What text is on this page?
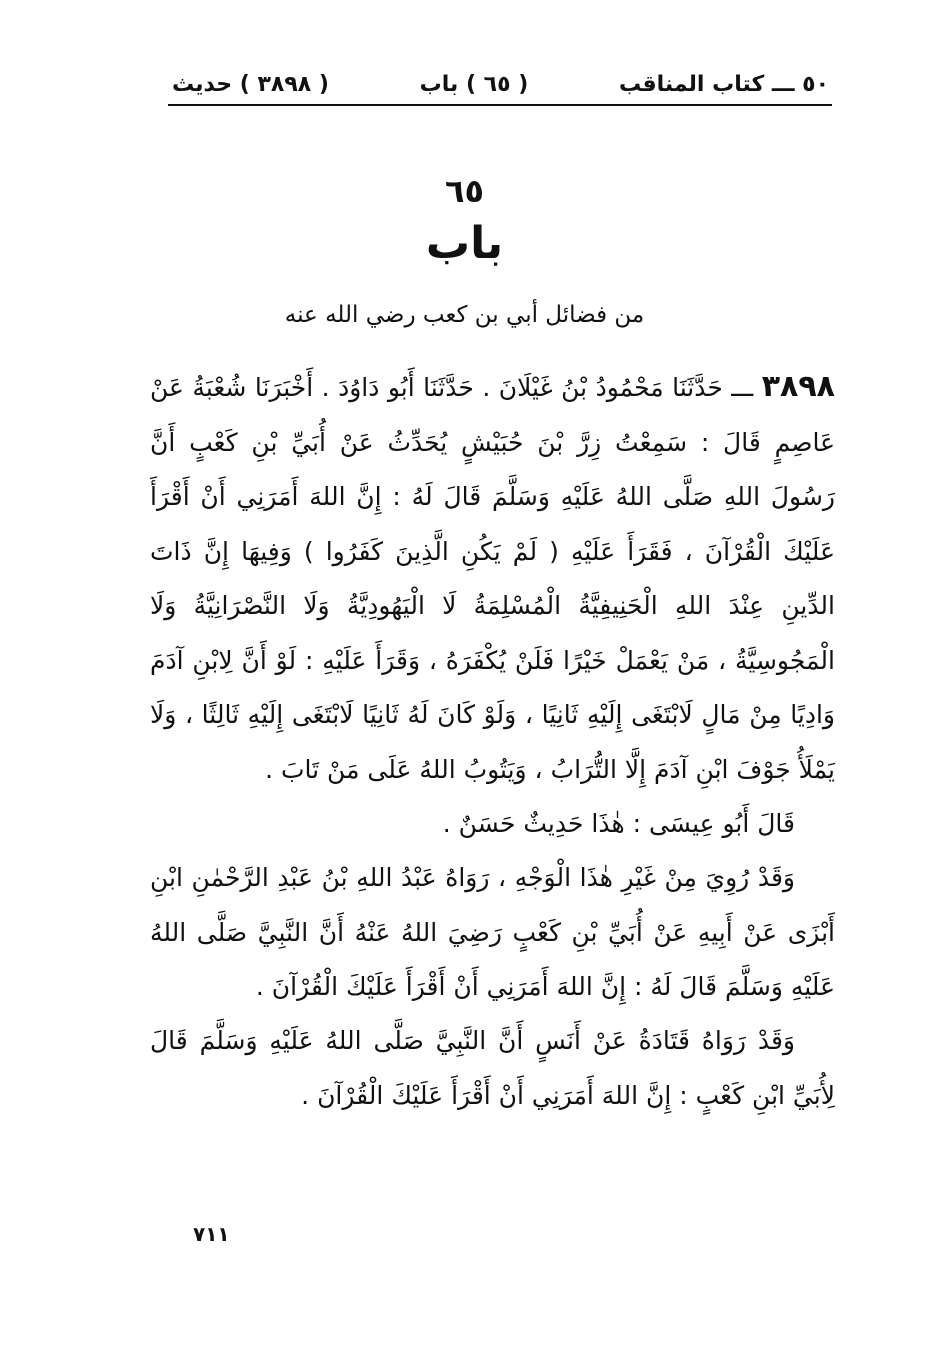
٥٠ ـــ كتاب المناقب
( ٦٥ ) باب
( ٣٨٩٨ ) حديث
٦٥
باب
من فضائل أبي بن كعب رضي الله عنه

٣٨٩٨ ـــ حَدَّثَنَا مَحْمُودُ بْنُ غَيْلَانَ . حَدَّثَنَا أَبُو دَاوُدَ . أَخْبَرَنَا شُعْبَةُ عَنْ عَاصِمٍ قَالَ : سَمِعْتُ زِرَّ بْنَ حُبَيْشٍ يُحَدِّثُ عَنْ أُبَيِّ بْنِ كَعْبٍ أَنَّ رَسُولَ اللهِ صَلَّى اللهُ عَلَيْهِ وَسَلَّمَ قَالَ لَهُ : إِنَّ اللهَ أَمَرَنِي أَنْ أَقْرَأَ عَلَيْكَ الْقُرْآنَ ، فَقَرَأَ عَلَيْهِ ( لَمْ يَكُنِ الَّذِينَ كَفَرُوا ) وَفِيهَا إِنَّ ذَاتَ الدِّينِ عِنْدَ اللهِ الْحَنِيفِيَّةُ الْمُسْلِمَةُ لَا الْيَهُودِيَّةُ وَلَا النَّصْرَانِيَّةُ وَلَا الْمَجُوسِيَّةُ ، مَنْ يَعْمَلْ خَيْرًا فَلَنْ يُكْفَرَهُ ، وَقَرَأَ عَلَيْهِ : لَوْ أَنَّ لِابْنِ آدَمَ وَادِيًا مِنْ مَالٍ لَابْتَغَى إِلَيْهِ ثَانِيًا ، وَلَوْ كَانَ لَهُ ثَانِيًا لَابْتَغَى إِلَيْهِ ثَالِثًا ، وَلَا يَمْلَأُ جَوْفَ ابْنِ آدَمَ إِلَّا التُّرَابُ ، وَيَتُوبُ اللهُ عَلَى مَنْ تَابَ .

قَالَ أَبُو عِيسَى : هٰذَا حَدِيثٌ حَسَنٌ .

وَقَدْ رُوِيَ مِنْ غَيْرِ هٰذَا الْوَجْهِ ، رَوَاهُ عَبْدُ اللهِ بْنُ عَبْدِ الرَّحْمٰنِ ابْنِ أَبْزَى عَنْ أَبِيهِ عَنْ أُبَيِّ بْنِ كَعْبٍ رَضِيَ اللهُ عَنْهُ أَنَّ النَّبِيَّ صَلَّى اللهُ عَلَيْهِ وَسَلَّمَ قَالَ لَهُ : إِنَّ اللهَ أَمَرَنِي أَنْ أَقْرَأَ عَلَيْكَ الْقُرْآنَ .

وَقَدْ رَوَاهُ قَتَادَةُ عَنْ أَنَسٍ أَنَّ النَّبِيَّ صَلَّى اللهُ عَلَيْهِ وَسَلَّمَ قَالَ لِأُبَيِّ ابْنِ كَعْبٍ : إِنَّ اللهَ أَمَرَنِي أَنْ أَقْرَأَ عَلَيْكَ الْقُرْآنَ .

٧١١
